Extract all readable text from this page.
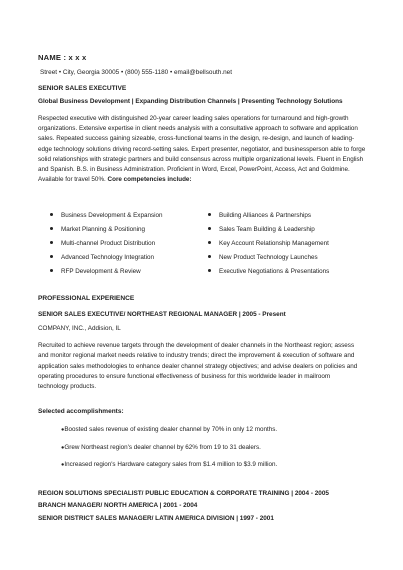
NAME : x x x
Street • City, Georgia 30005 • (800) 555-1180 • email@bellsouth.net
SENIOR SALES EXECUTIVE
Global Business Development | Expanding Distribution Channels | Presenting Technology Solutions
Respected executive with distinguished 20-year career leading sales operations for turnaround and high-growth organizations. Extensive expertise in client needs analysis with a consultative approach to software and application sales. Repeated success gaining sizeable, cross-functional teams in the design, re-design, and launch of leading-edge technology solutions driving record-setting sales. Expert presenter, negotiator, and businessperson able to forge solid relationships with strategic partners and build consensus across multiple organizational levels. Fluent in English and Spanish. B.S. in Business Administration. Proficient in Word, Excel, PowerPoint, Access, Act and Goldmine. Available for travel 50%. Core competencies include:
Business Development & Expansion
Market Planning & Positioning
Multi-channel Product Distribution
Advanced Technology Integration
RFP Development & Review
Building Alliances & Partnerships
Sales Team Building & Leadership
Key Account Relationship Management
New Product Technology Launches
Executive Negotiations & Presentations
PROFESSIONAL EXPERIENCE
SENIOR SALES EXECUTIVE/ NORTHEAST REGIONAL MANAGER | 2005 - Present
COMPANY, INC., Addision, IL
Recruited to achieve revenue targets through the development of dealer channels in the Northeast region; assess and monitor regional market needs relative to industry trends; direct the improvement & execution of software and application sales methodologies to enhance dealer channel strategy objectives; and advise dealers on policies and operating procedures to ensure functional effectiveness of business for this worldwide leader in mailroom technology products.
Selected accomplishments:
●Boosted sales revenue of existing dealer channel by 70% in only 12 months.
●Grew Northeast region's dealer channel by 62% from 19 to 31 dealers.
●Increased region's Hardware category sales from $1.4 million to $3.9 million.
REGION SOLUTIONS SPECIALIST/ PUBLIC EDUCATION & CORPORATE TRAINING | 2004 - 2005
BRANCH MANAGER/ NORTH AMERICA | 2001 - 2004
SENIOR DISTRICT SALES MANAGER/ LATIN AMERICA DIVISION | 1997 - 2001
